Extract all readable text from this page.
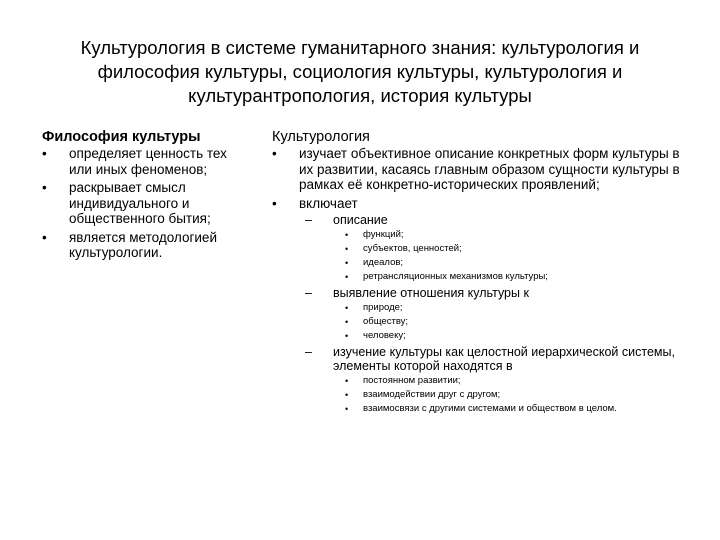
Культурология в системе гуманитарного знания: культурология и философия культуры, социология культуры, культурология и культурантропология, история культуры
Философия культуры
• определяет ценность тех или иных феноменов;
• раскрывает смысл индивидуального и общественного бытия;
• является методологией культурологии.
Культурология
• изучает объективное описание конкретных форм культуры в их развитии, касаясь главным образом сущности культуры в рамках её конкретно-исторических проявлений;
• включает
– описание
• функций;
• субъектов, ценностей;
• идеалов;
• ретрансляционных механизмов культуры;
– выявление отношения культуры к
• природе;
• обществу;
• человеку;
– изучение культуры как целостной иерархической системы, элементы которой находятся в
• постоянном развитии;
• взаимодействии друг с другом;
• взаимосвязи с другими системами и обществом в целом.
